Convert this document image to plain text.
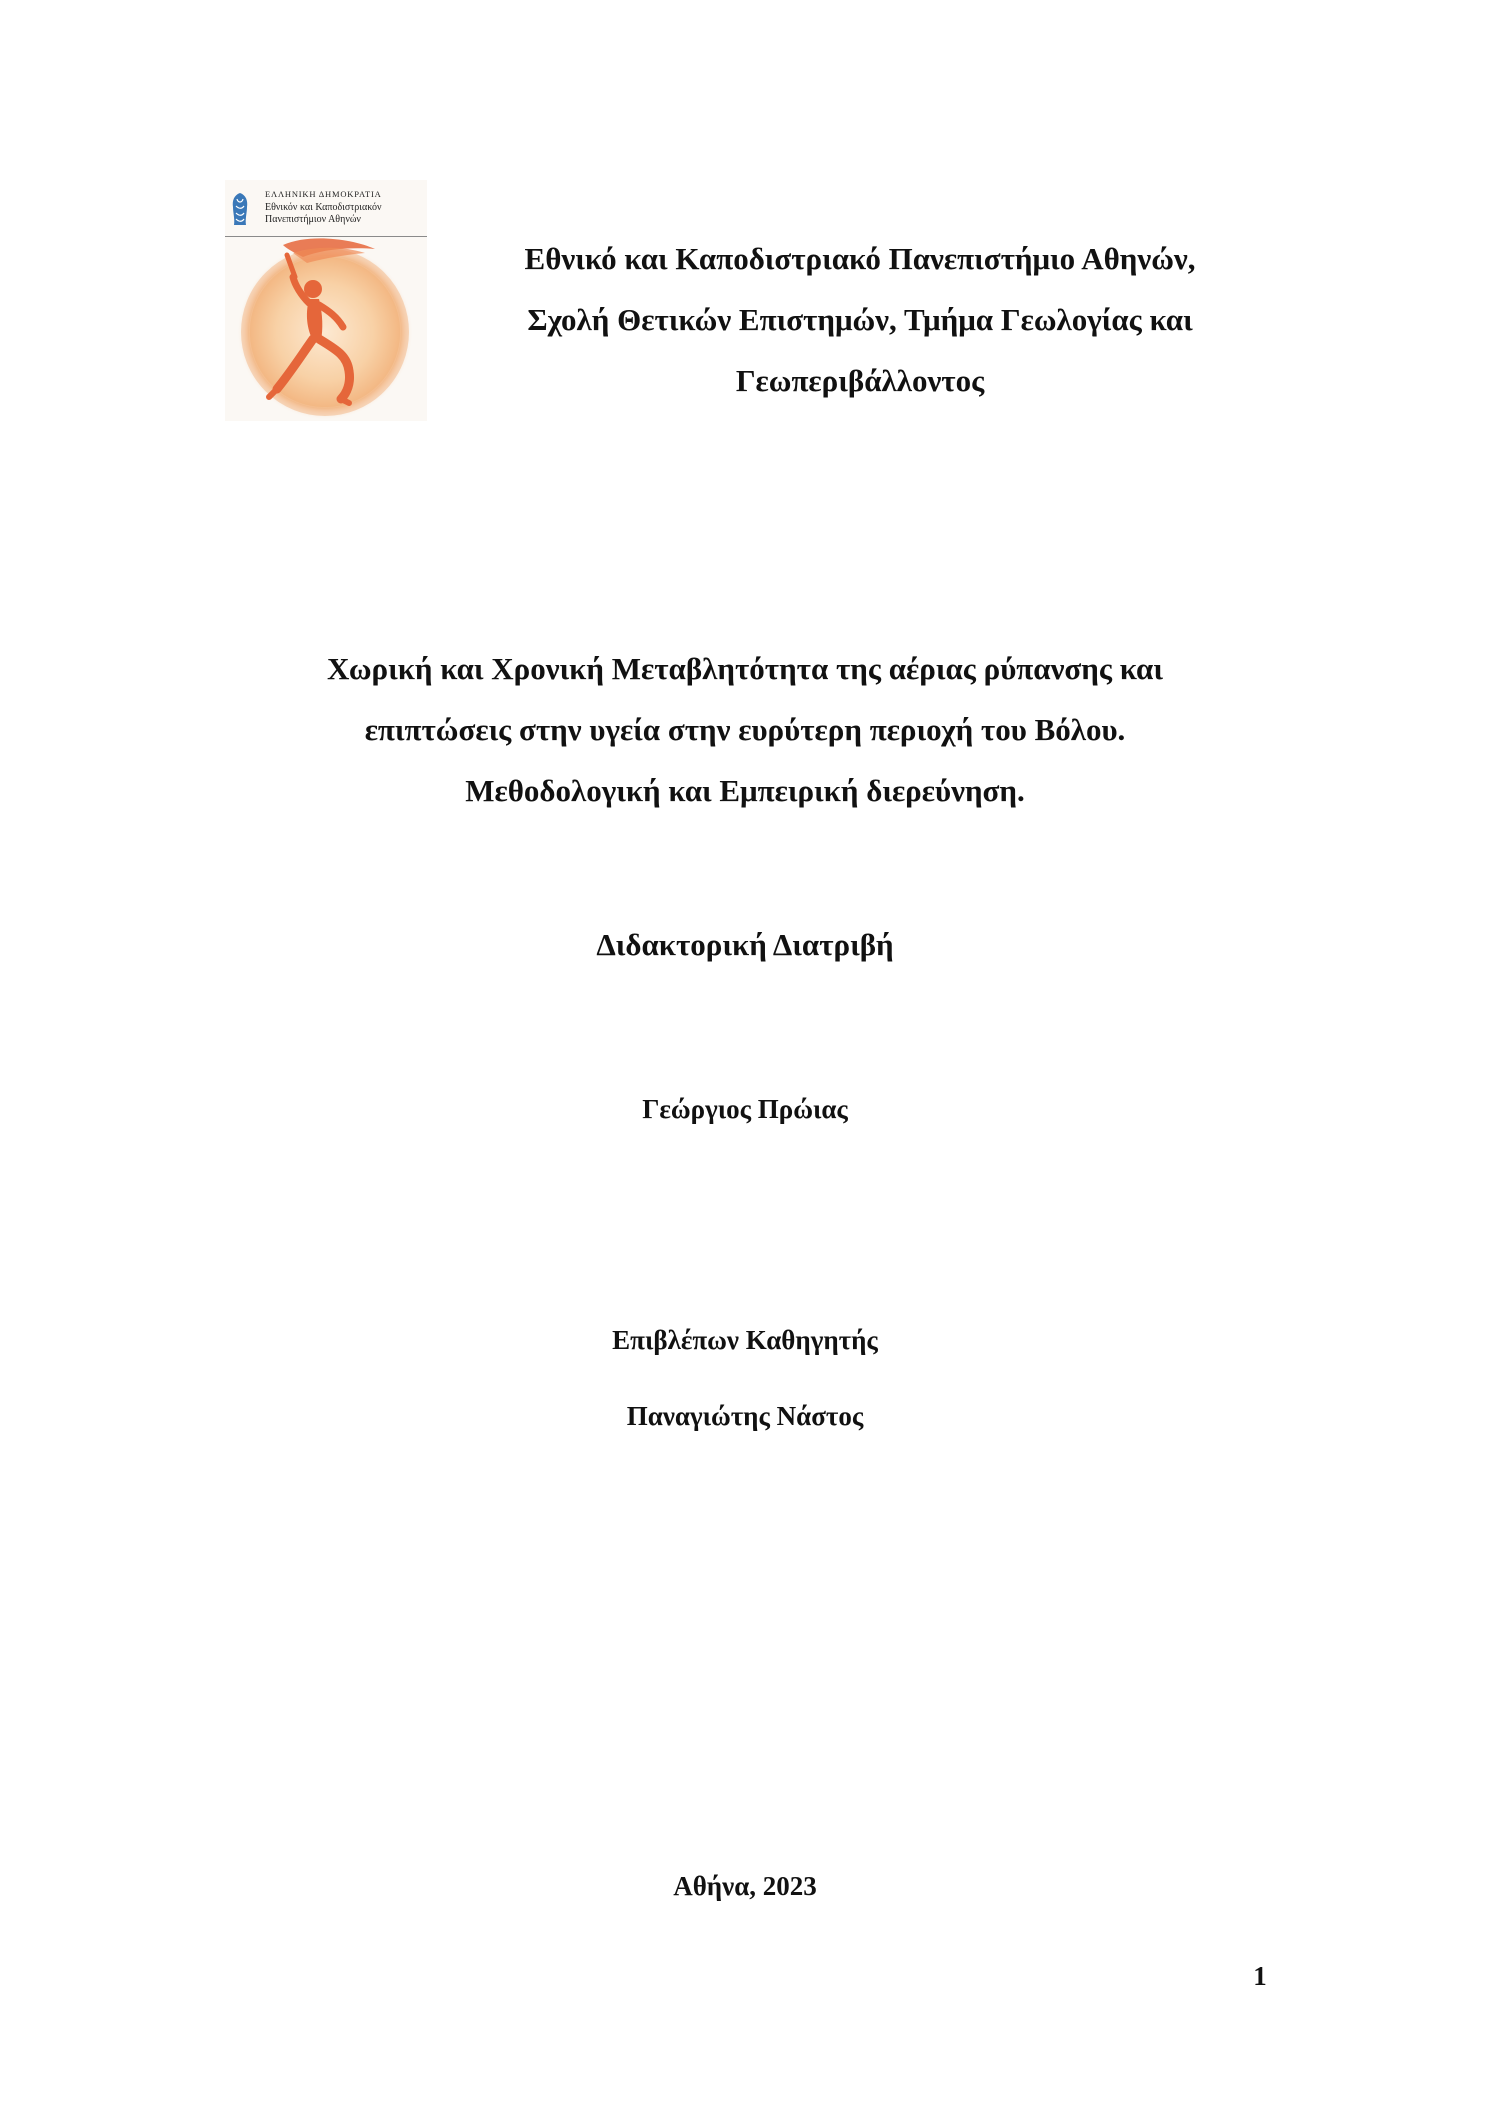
ΕΛΛΗΝΙΚΗ ΔΗΜΟΚΡΑΤΙΑ
Εθνικόν και Καποδιστριακόν
Πανεπιστήμιον Αθηνών
Εθνικό και Καποδιστριακό Πανεπιστήμιο Αθηνών,
Σχολή Θετικών Επιστημών, Τμήμα Γεωλογίας και
Γεωπεριβάλλοντος
Χωρική και Χρονική Μεταβλητότητα της αέριας ρύπανσης και
επιπτώσεις στην υγεία στην ευρύτερη περιοχή του Βόλου.
Μεθοδολογική και Εμπειρική διερεύνηση.
Διδακτορική Διατριβή
Γεώργιος Πρώιας
Επιβλέπων Καθηγητής
Παναγιώτης Νάστος
Αθήνα, 2023
1
